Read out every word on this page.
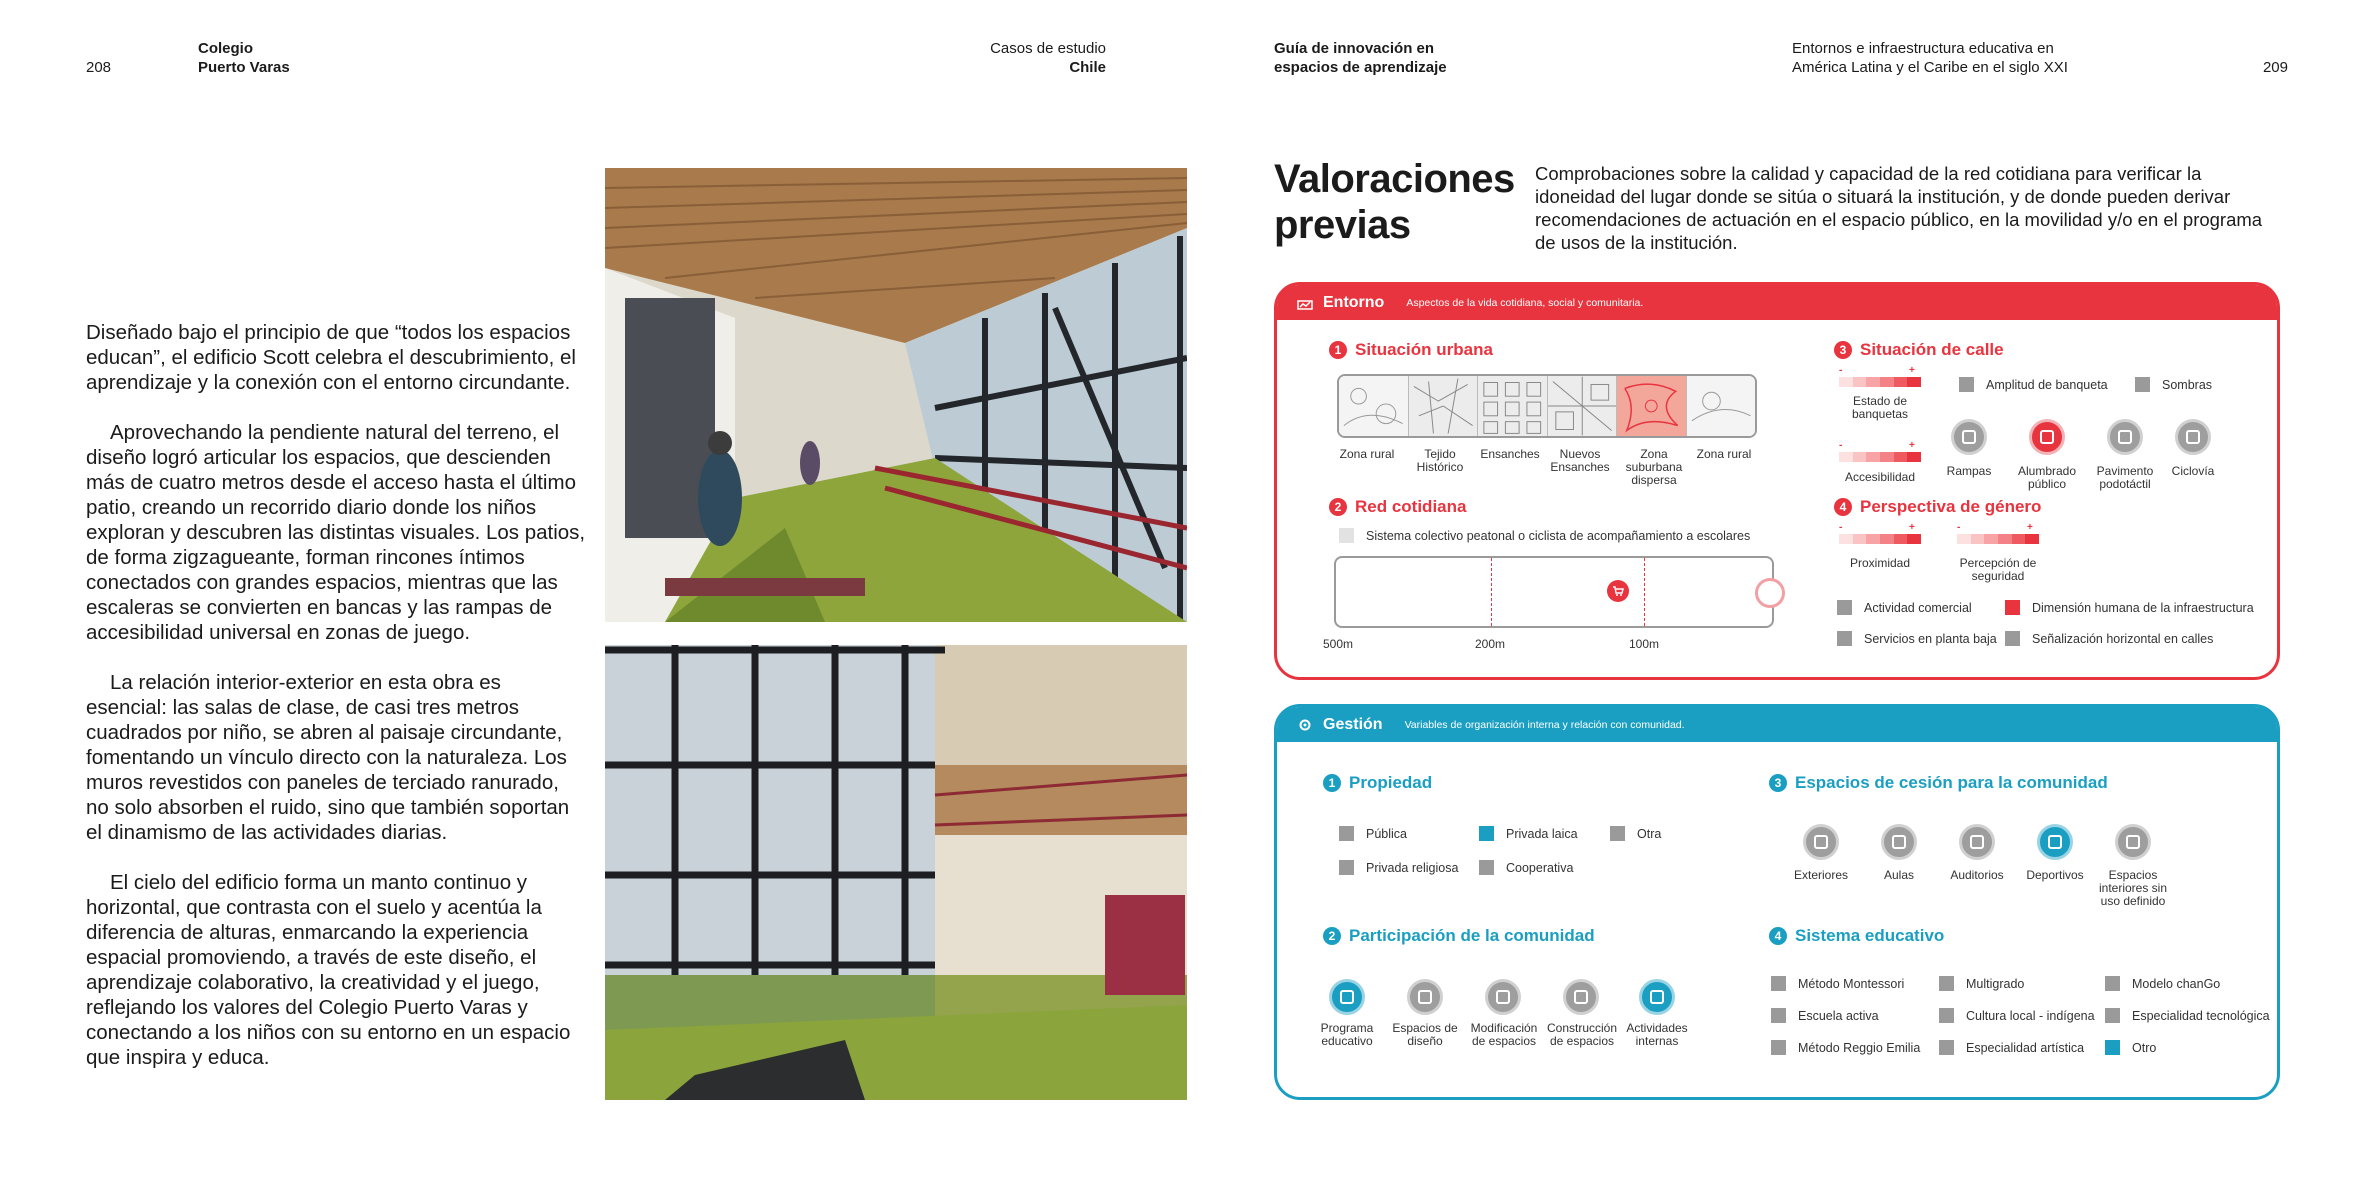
208
Colegio
Puerto Varas
Casos de estudio
Chile
Guía de innovación en
espacios de aprendizaje
Entornos e infraestructura educativa en
América Latina y el Caribe en el siglo XXI	209

Diseñado bajo el principio de que “todos los espacios educan”, el edificio Scott celebra el descubrimiento, el aprendizaje y la conexión con el entorno circundante.

Aprovechando la pendiente natural del terreno, el diseño logró articular los espacios, que descienden más de cuatro metros desde el acceso hasta el último patio, creando un recorrido diario donde los niños exploran y descubren las distintas visuales. Los patios, de forma zigzagueante, forman rincones íntimos conectados con grandes espacios, mientras que las escaleras se convierten en bancas y las rampas de accesibilidad universal en zonas de juego.

La relación interior-exterior en esta obra es esencial: las salas de clase, de casi tres metros cuadrados por niño, se abren al paisaje circundante, fomentando un vínculo directo con la naturaleza. Los muros revestidos con paneles de terciado ranurado, no solo absorben el ruido, sino que también soportan el dinamismo de las actividades diarias.

El cielo del edificio forma un manto continuo y horizontal, que contrasta con el suelo y acentúa la diferencia de alturas, enmarcando la experiencia espacial promoviendo, a través de este diseño, el aprendizaje colaborativo, la creatividad y el juego, reflejando los valores del Colegio Puerto Varas y conectando a los niños con su entorno en un espacio que inspira y educa.

Valoraciones
previas
Comprobaciones sobre la calidad y capacidad de la red cotidiana para verificar la idoneidad del lugar donde se sitúa o situará la institución, y de donde pueden derivar recomendaciones de actuación en el espacio público, en la movilidad y/o en el programa de usos de la institución.
Entorno Aspectos de la vida cotidiana, social y comunitaria.
1 Situación urbana
Zona rural	Tejido Histórico
Ensanches	Nuevos Ensanches
Zona suburbana dispersa
Zona rural
2 Red cotidiana
Sistema colectivo peatonal o ciclista de acompañamiento a escolares
500m	200m	100m
3 Situación de calle
-	+
Estado de banquetas
-	+
Accesibilidad
Amplitud de banqueta	Sombras
Rampas	Alumbrado público
Pavimento podotáctil
Ciclovía
4 Perspectiva de género
-	+
Proximidad
-	+
Percepción de seguridad
Actividad comercial	Dimensión humana de la infraestructura
Servicios en planta baja	Señalización horizontal en calles
Gestión Variables de organización interna y relación con comunidad.
1 Propiedad
Pública	Privada laica	Otra
Privada religiosa	Cooperativa
2 Participación de la comunidad
Programa educativo
Espacios de diseño
Modificación de espacios
Construcción de espacios
Actividades internas
3 Espacios de cesión para la comunidad
Exteriores	Aulas	Auditorios	Deportivos	Espacios interiores sin uso definido
4 Sistema educativo
Método Montessori	Multigrado	Modelo chanGo
Escuela activa	Cultura local - indígena	Especialidad tecnológica
Método Reggio Emilia	Especialidad artística	Otro
